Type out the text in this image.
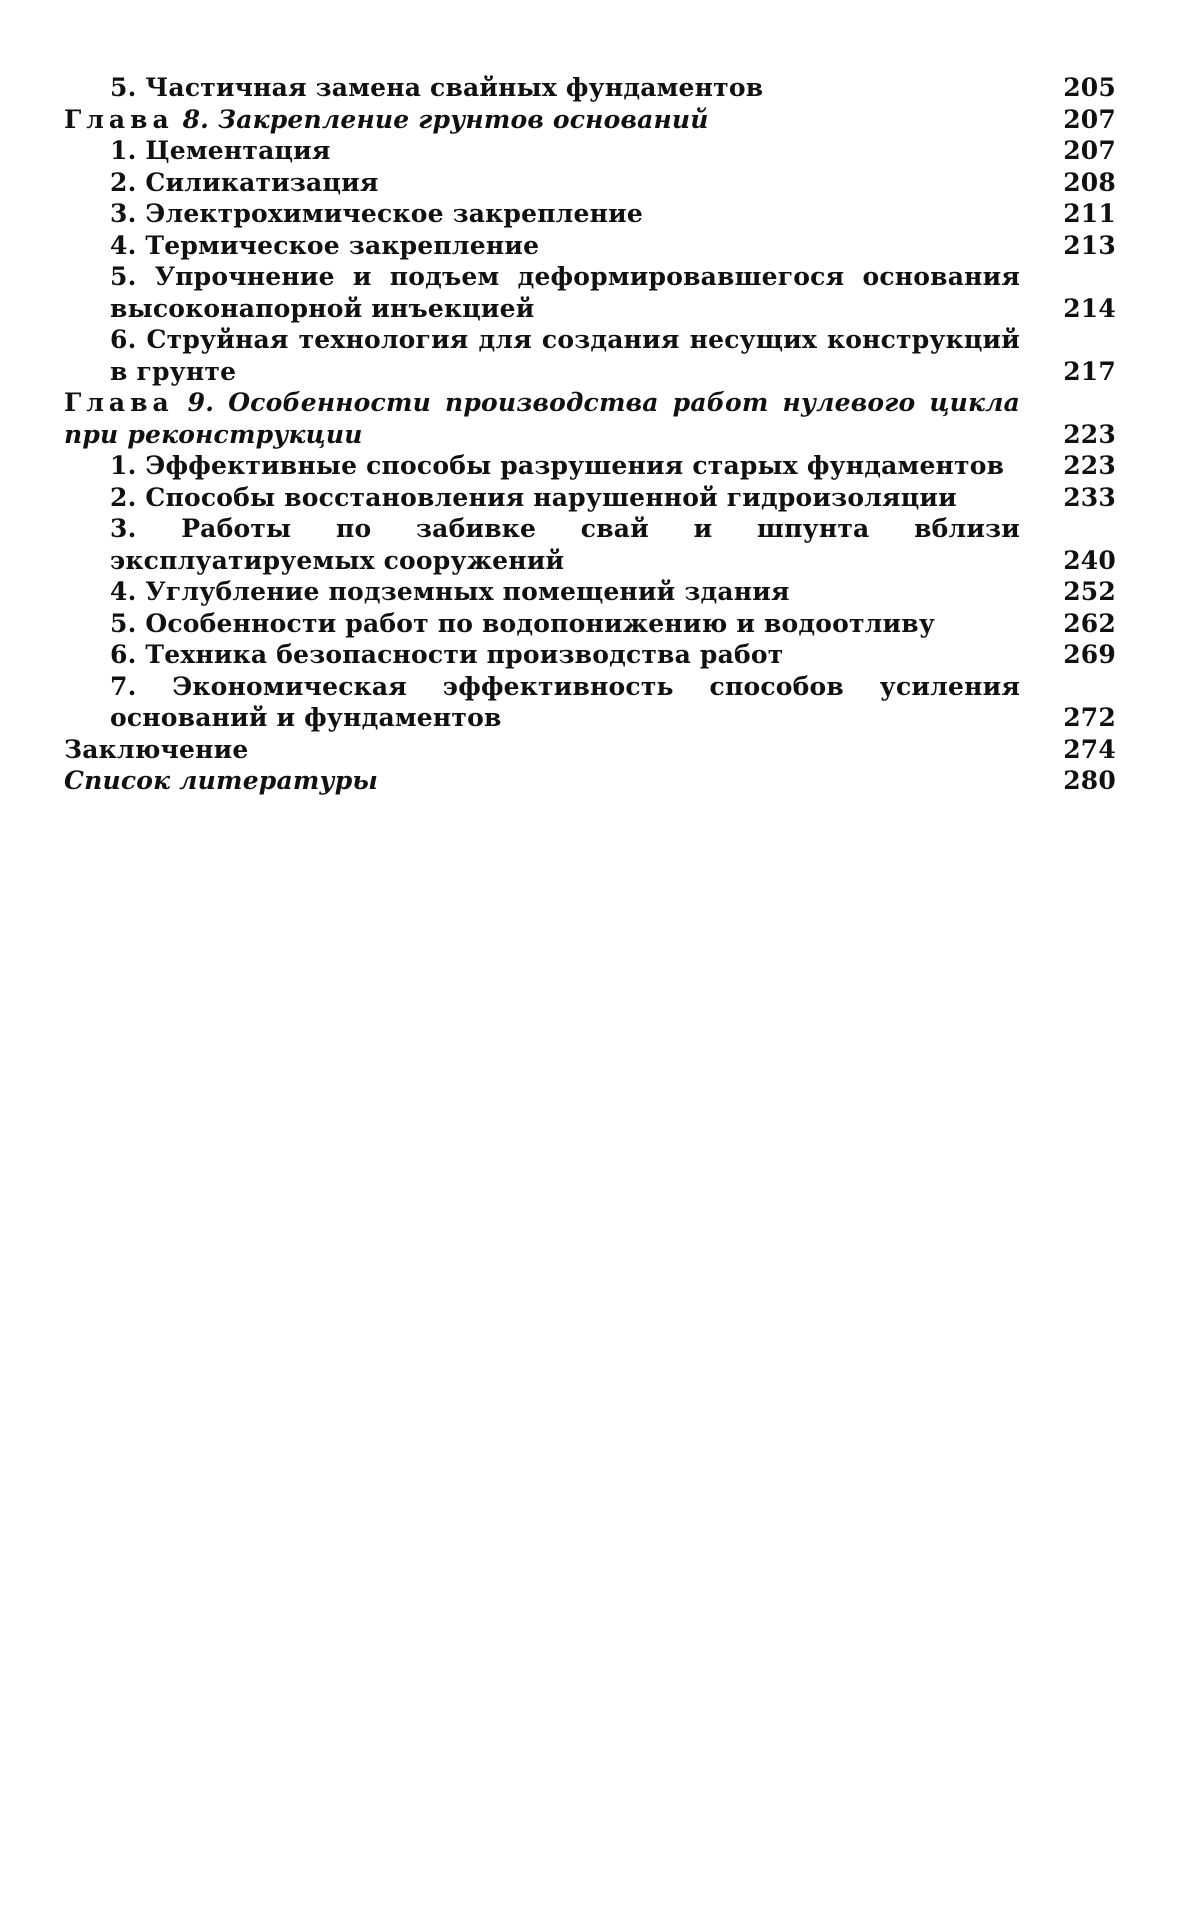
5. Частичная замена свайных фундаментов	205
Глава 8. Закрепление грунтов оснований	207
1. Цементация	207
2. Силикатизация	208
3. Электрохимическое закрепление	211
4. Термическое закрепление	213
5. Упрочнение и подъем деформировавшегося основания высоконапорной инъекцией	214
6. Струйная технология для создания несущих конструкций в грунте	217
Глава 9. Особенности производства работ нулевого цикла при реконструкции	223
1. Эффективные способы разрушения старых фундаментов	223
2. Способы восстановления нарушенной гидроизоляции	233
3. Работы по забивке свай и шпунта вблизи эксплуатируемых сооружений	240
4. Углубление подземных помещений здания	252
5. Особенности работ по водопонижению и водоотливу	262
6. Техника безопасности производства работ	269
7. Экономическая эффективность способов усиления оснований и фундаментов	272
Заключение	274
Список литературы	280
